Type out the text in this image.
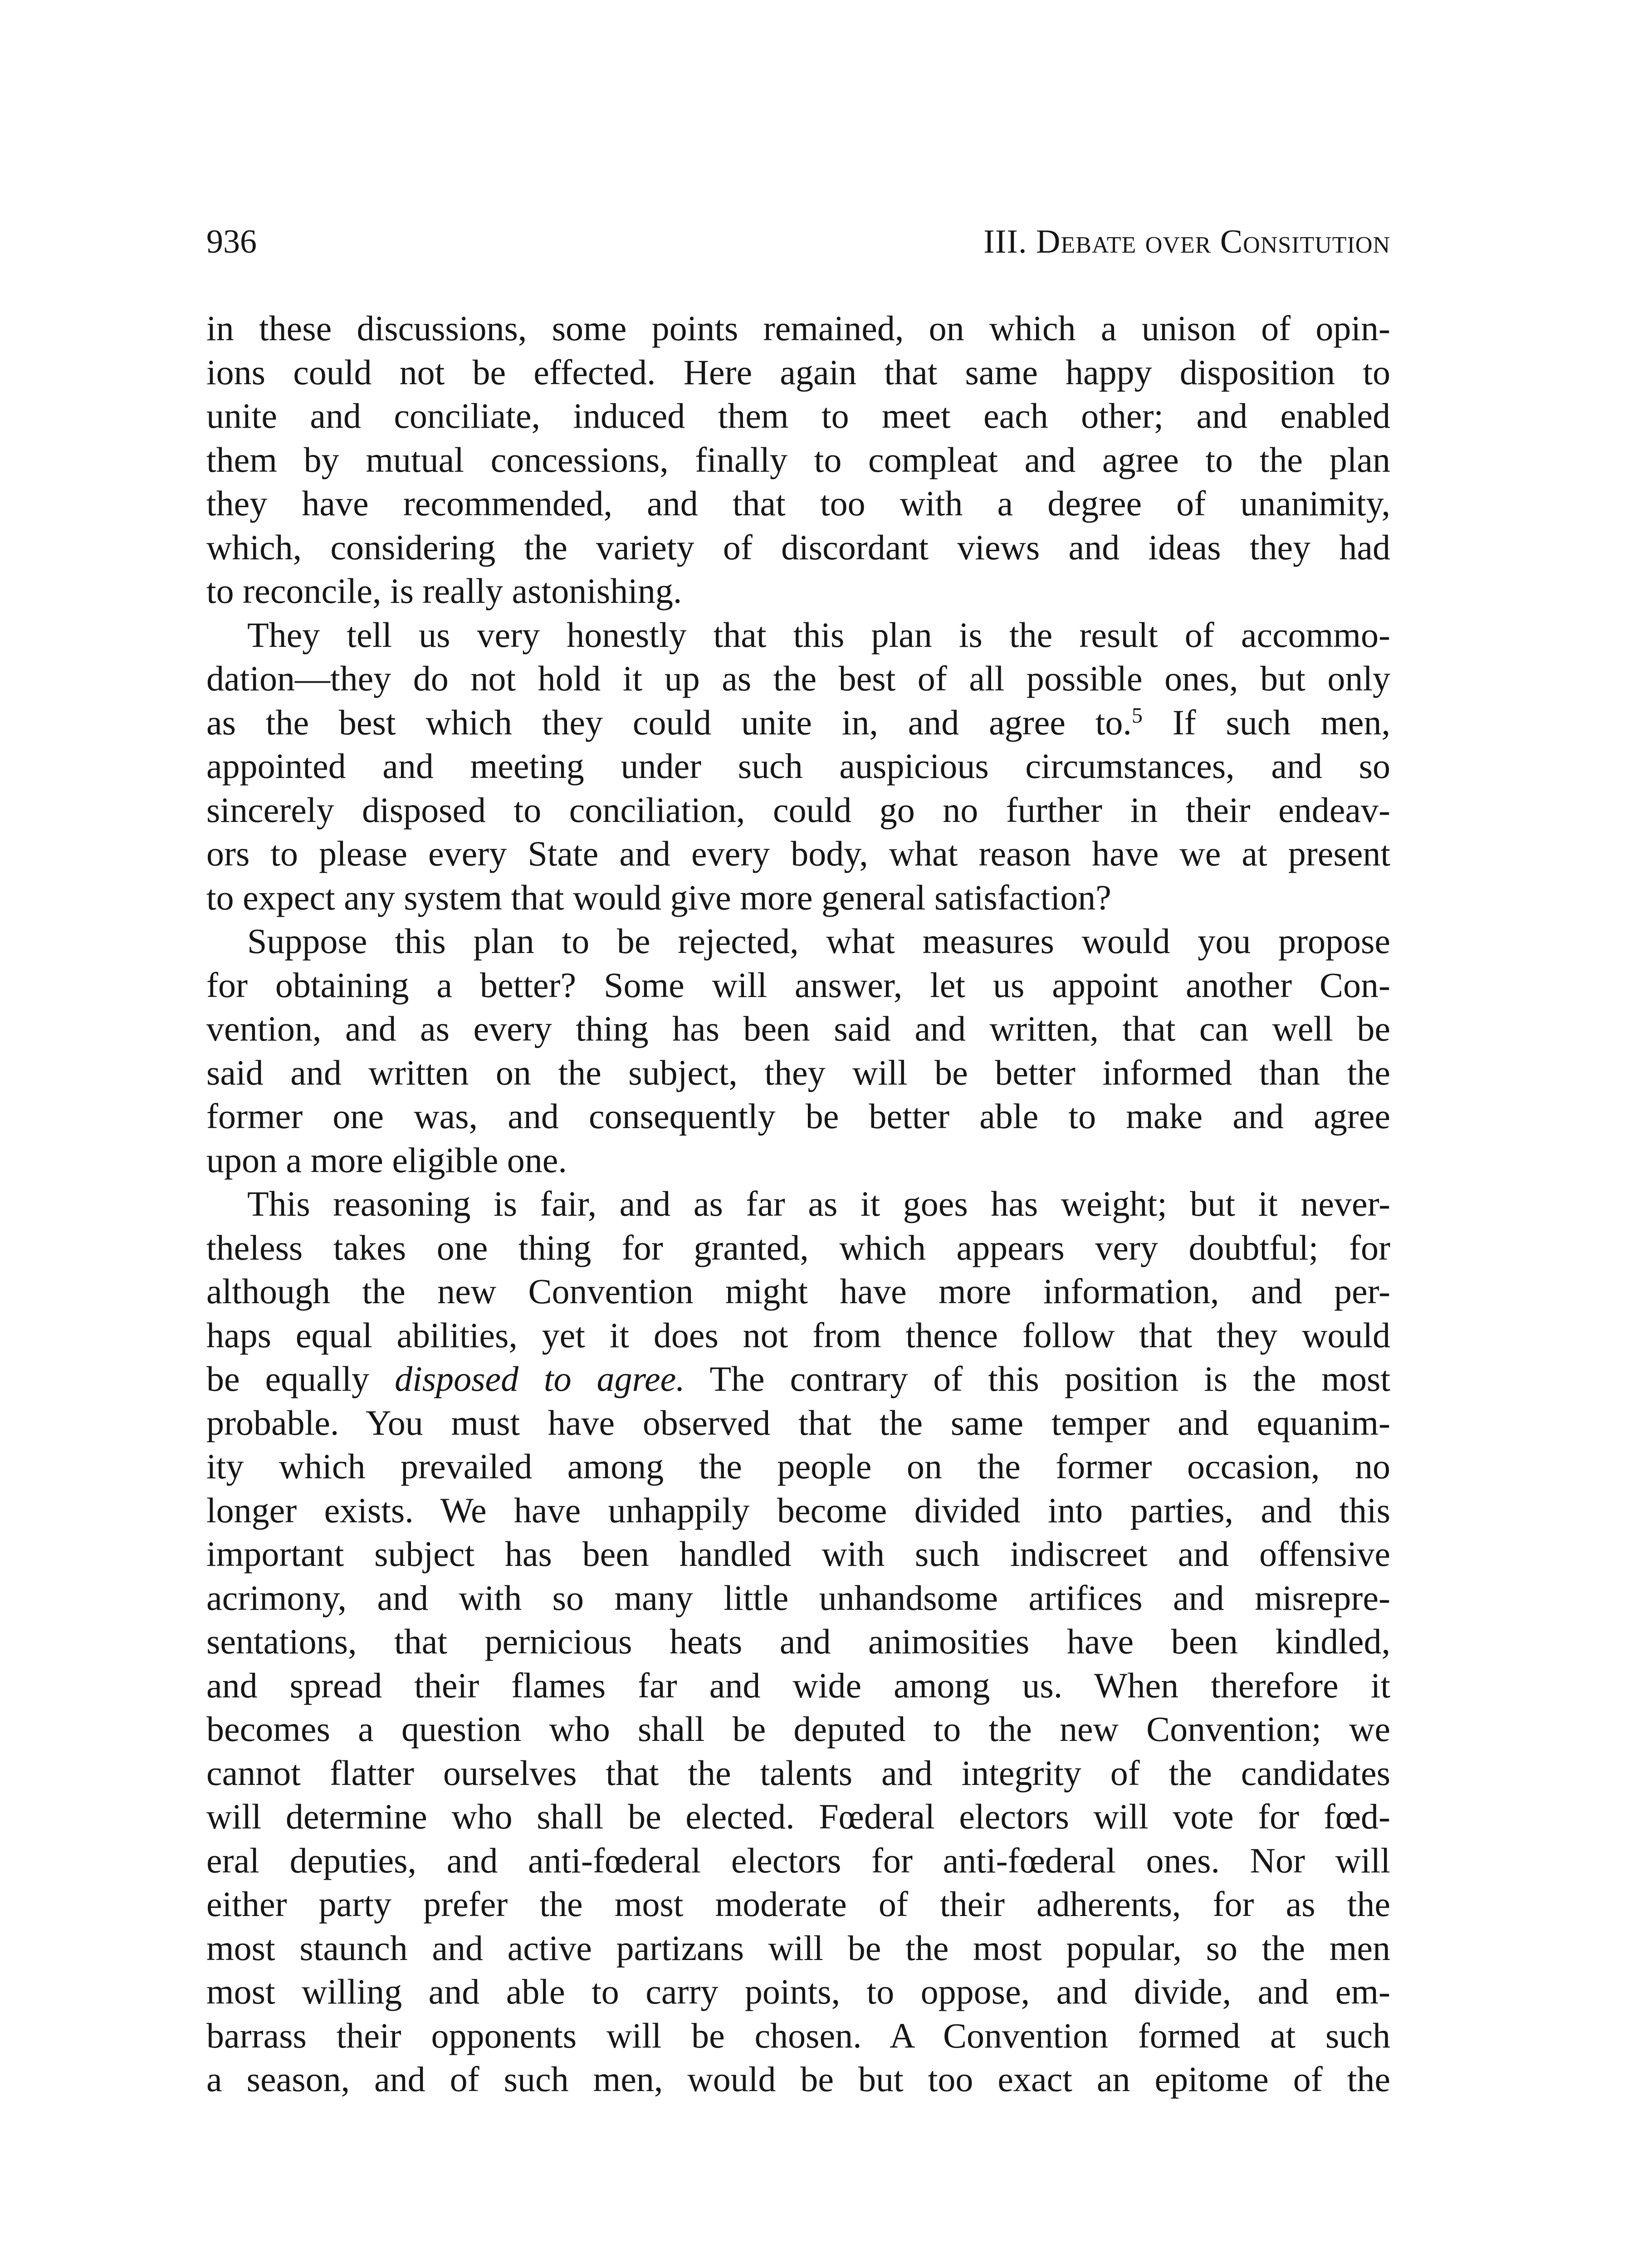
936	III. Debate over Consitution
in these discussions, some points remained, on which a unison of opin-
ions could not be effected. Here again that same happy disposition to
unite and conciliate, induced them to meet each other; and enabled
them by mutual concessions, finally to compleat and agree to the plan
they have recommended, and that too with a degree of unanimity,
which, considering the variety of discordant views and ideas they had
to reconcile, is really astonishing.
They tell us very honestly that this plan is the result of accommo-
dation—they do not hold it up as the best of all possible ones, but only
as the best which they could unite in, and agree to.$^5$ If such men,
appointed and meeting under such auspicious circumstances, and so
sincerely disposed to conciliation, could go no further in their endeav-
ors to please every State and every body, what reason have we at present
to expect any system that would give more general satisfaction?
Suppose this plan to be rejected, what measures would you propose
for obtaining a better? Some will answer, let us appoint another Con-
vention, and as every thing has been said and written, that can well be
said and written on the subject, they will be better informed than the
former one was, and consequently be better able to make and agree
upon a more eligible one.
This reasoning is fair, and as far as it goes has weight; but it never-
theless takes one thing for granted, which appears very doubtful; for
although the new Convention might have more information, and per-
haps equal abilities, yet it does not from thence follow that they would
be equally disposed to agree. The contrary of this position is the most
probable. You must have observed that the same temper and equanim-
ity which prevailed among the people on the former occasion, no
longer exists. We have unhappily become divided into parties, and this
important subject has been handled with such indiscreet and offensive
acrimony, and with so many little unhandsome artifices and misrepre-
sentations, that pernicious heats and animosities have been kindled,
and spread their flames far and wide among us. When therefore it
becomes a question who shall be deputed to the new Convention; we
cannot flatter ourselves that the talents and integrity of the candidates
will determine who shall be elected. Fœderal electors will vote for fœd-
eral deputies, and anti-fœderal electors for anti-fœderal ones. Nor will
either party prefer the most moderate of their adherents, for as the
most staunch and active partizans will be the most popular, so the men
most willing and able to carry points, to oppose, and divide, and em-
barrass their opponents will be chosen. A Convention formed at such
a season, and of such men, would be but too exact an epitome of the
